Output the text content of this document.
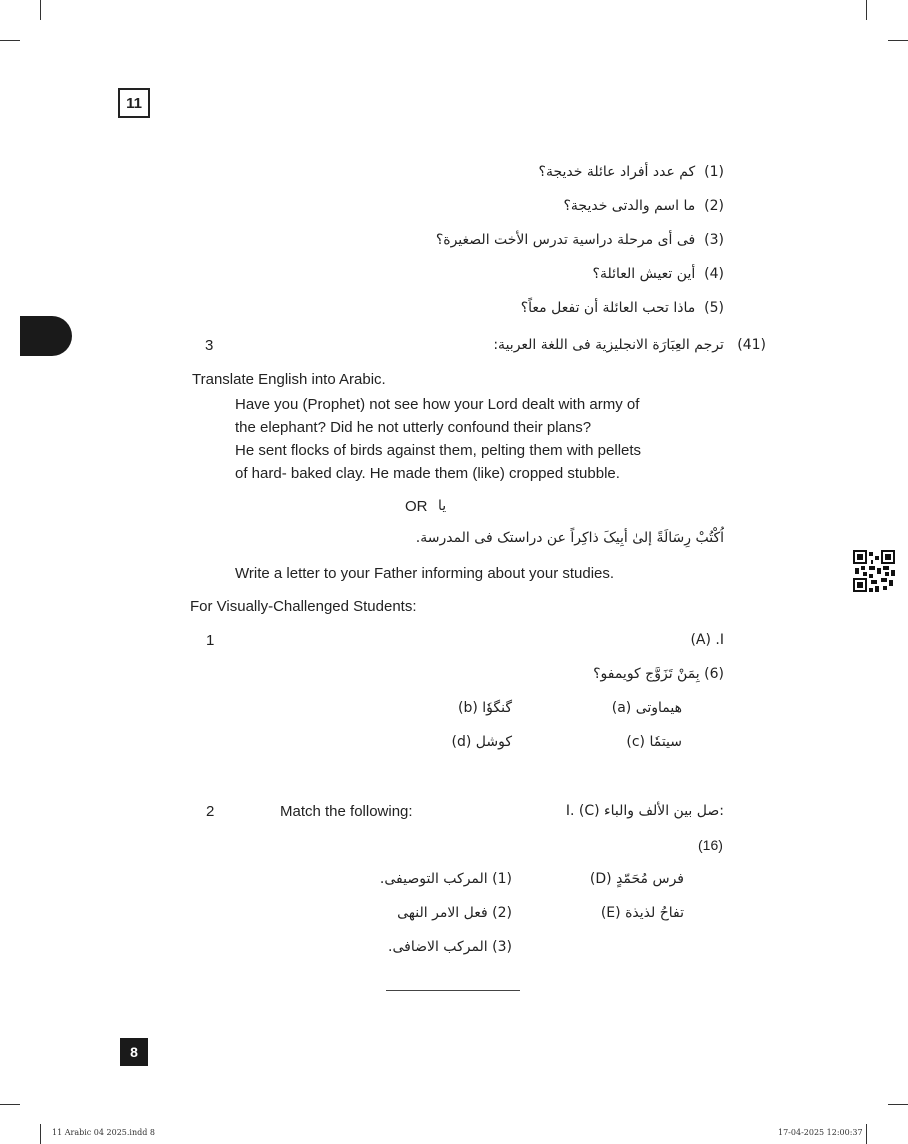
11
(1)  كم عدد أفراد عائلة خديجة؟
(2)  ما اسم والدتى خديجة؟
(3)  فى أى مرحلة دراسية تدرس الأخت الصغيرة؟
(4)  أين تعيش العائلة؟
(5)  ماذا تحب العائلة أن تفعل معاً؟
(41)   ترجم العِبَارَة الانجليزية فى اللغة العربية:
3
Translate English into Arabic.
Have you (Prophet) not see how your Lord dealt with army of
the elephant? Did he not utterly confound their plans?
He sent flocks of birds against them, pelting them with pellets
of hard- baked clay. He made them (like) cropped stubble.
OR يا
اُكْتُبْ رِسَالَةً إلىٰ أبِيکَ ذاکِراً عن دراستک فی المدرسة.
Write a letter to your Father informing about your studies.
For Visually-Challenged Students:
1	(A) .I
(6) بِمَنْ تَزَوَّج كويمفو؟
(a) هيماوتی
(b) گنگوٗا
(c) سیتمٗا
(d) کوشل
2	Match the following:	I. (C) صل بين الألف والباء:
(16)
(D) فرس مُحَمّدٍ
(E) تفاحُ لذيذة
(1) المركب التوصيفى.
(2) فعل الامر النهى
(3) المركب الاضافى.
8
11 Arabic 04 2025.indd 8	17-04-2025 12:00:37
